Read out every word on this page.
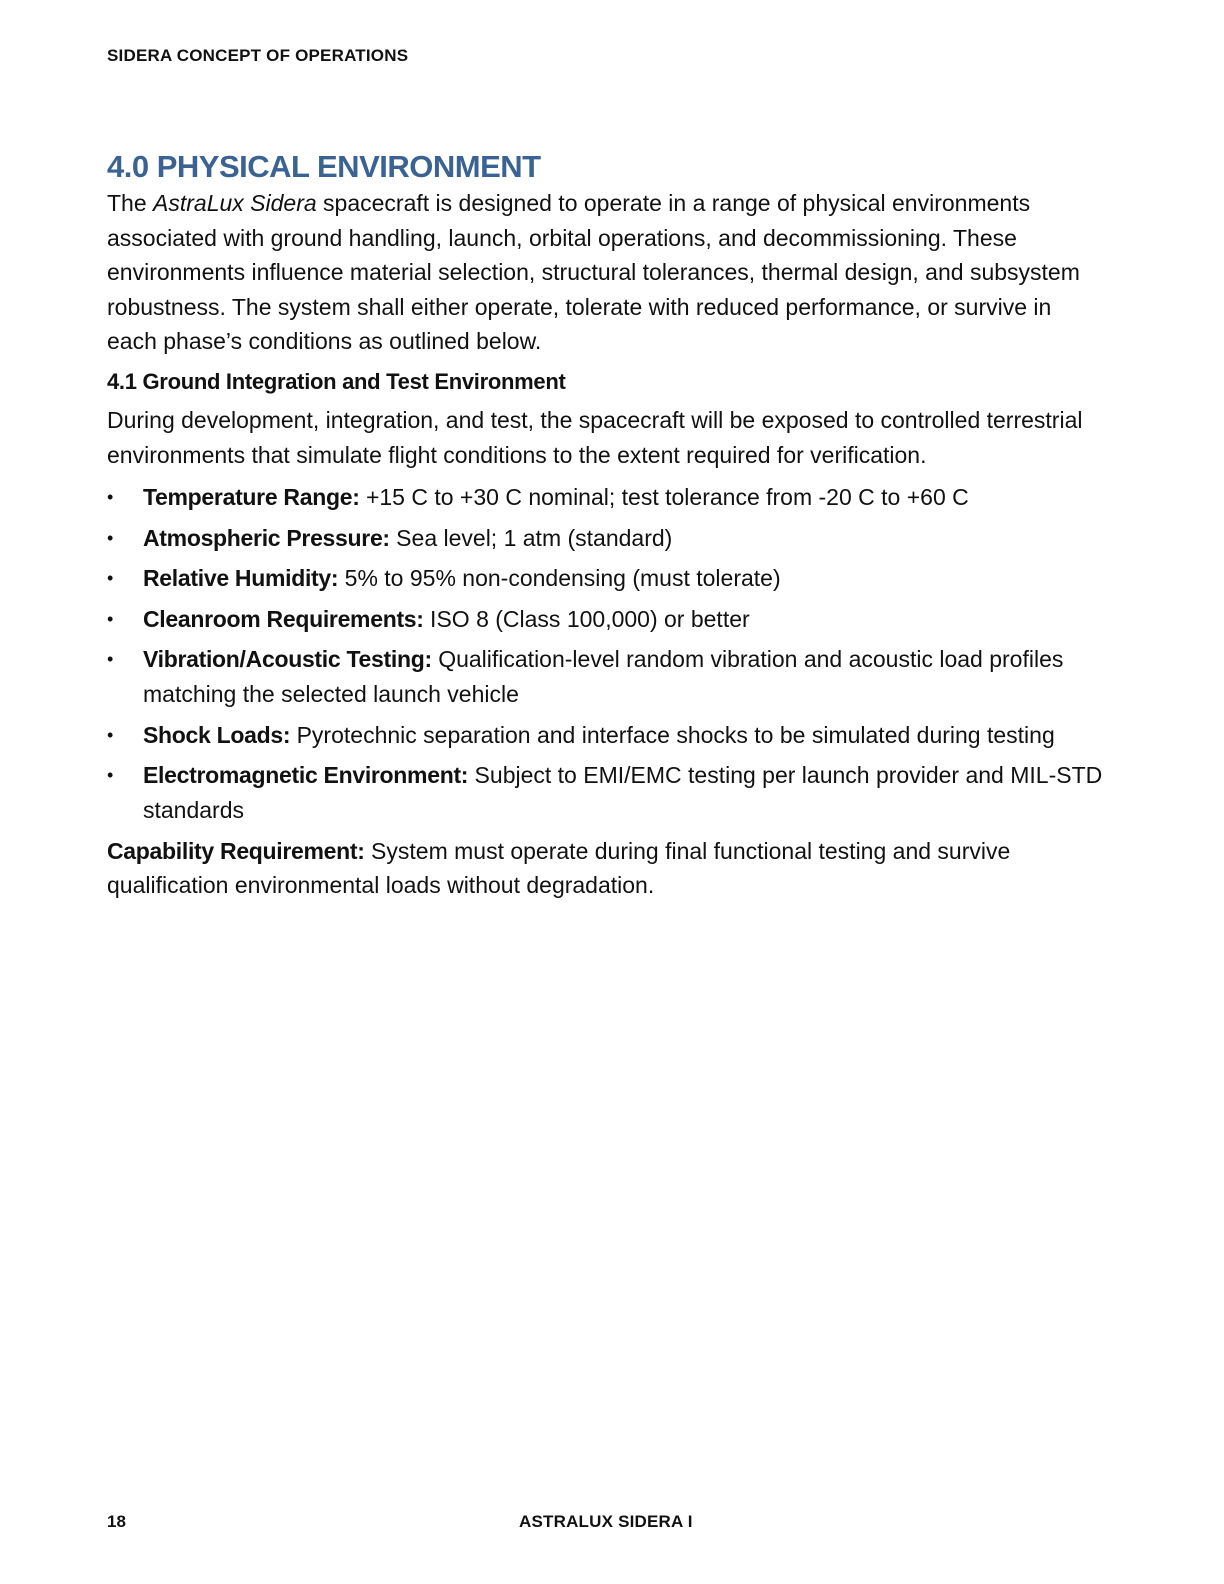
SIDERA CONCEPT OF OPERATIONS
4.0 PHYSICAL ENVIRONMENT

The AstraLux Sidera spacecraft is designed to operate in a range of physical environments associated with ground handling, launch, orbital operations, and decommissioning. These environments influence material selection, structural tolerances, thermal design, and subsystem robustness. The system shall either operate, tolerate with reduced performance, or survive in each phase’s conditions as outlined below.

4.1 Ground Integration and Test Environment

During development, integration, and test, the spacecraft will be exposed to controlled terrestrial environments that simulate flight conditions to the extent required for verification.

• Temperature Range: +15 C to +30 C nominal; test tolerance from -20 C to +60 C
• Atmospheric Pressure: Sea level; 1 atm (standard)
• Relative Humidity: 5% to 95% non-condensing (must tolerate)
• Cleanroom Requirements: ISO 8 (Class 100,000) or better
• Vibration/Acoustic Testing: Qualification-level random vibration and acoustic load profiles matching the selected launch vehicle
• Shock Loads: Pyrotechnic separation and interface shocks to be simulated during testing
• Electromagnetic Environment: Subject to EMI/EMC testing per launch provider and MIL-STD standards

Capability Requirement: System must operate during final functional testing and survive qualification environmental loads without degradation.

18	ASTRALUX SIDERA I
